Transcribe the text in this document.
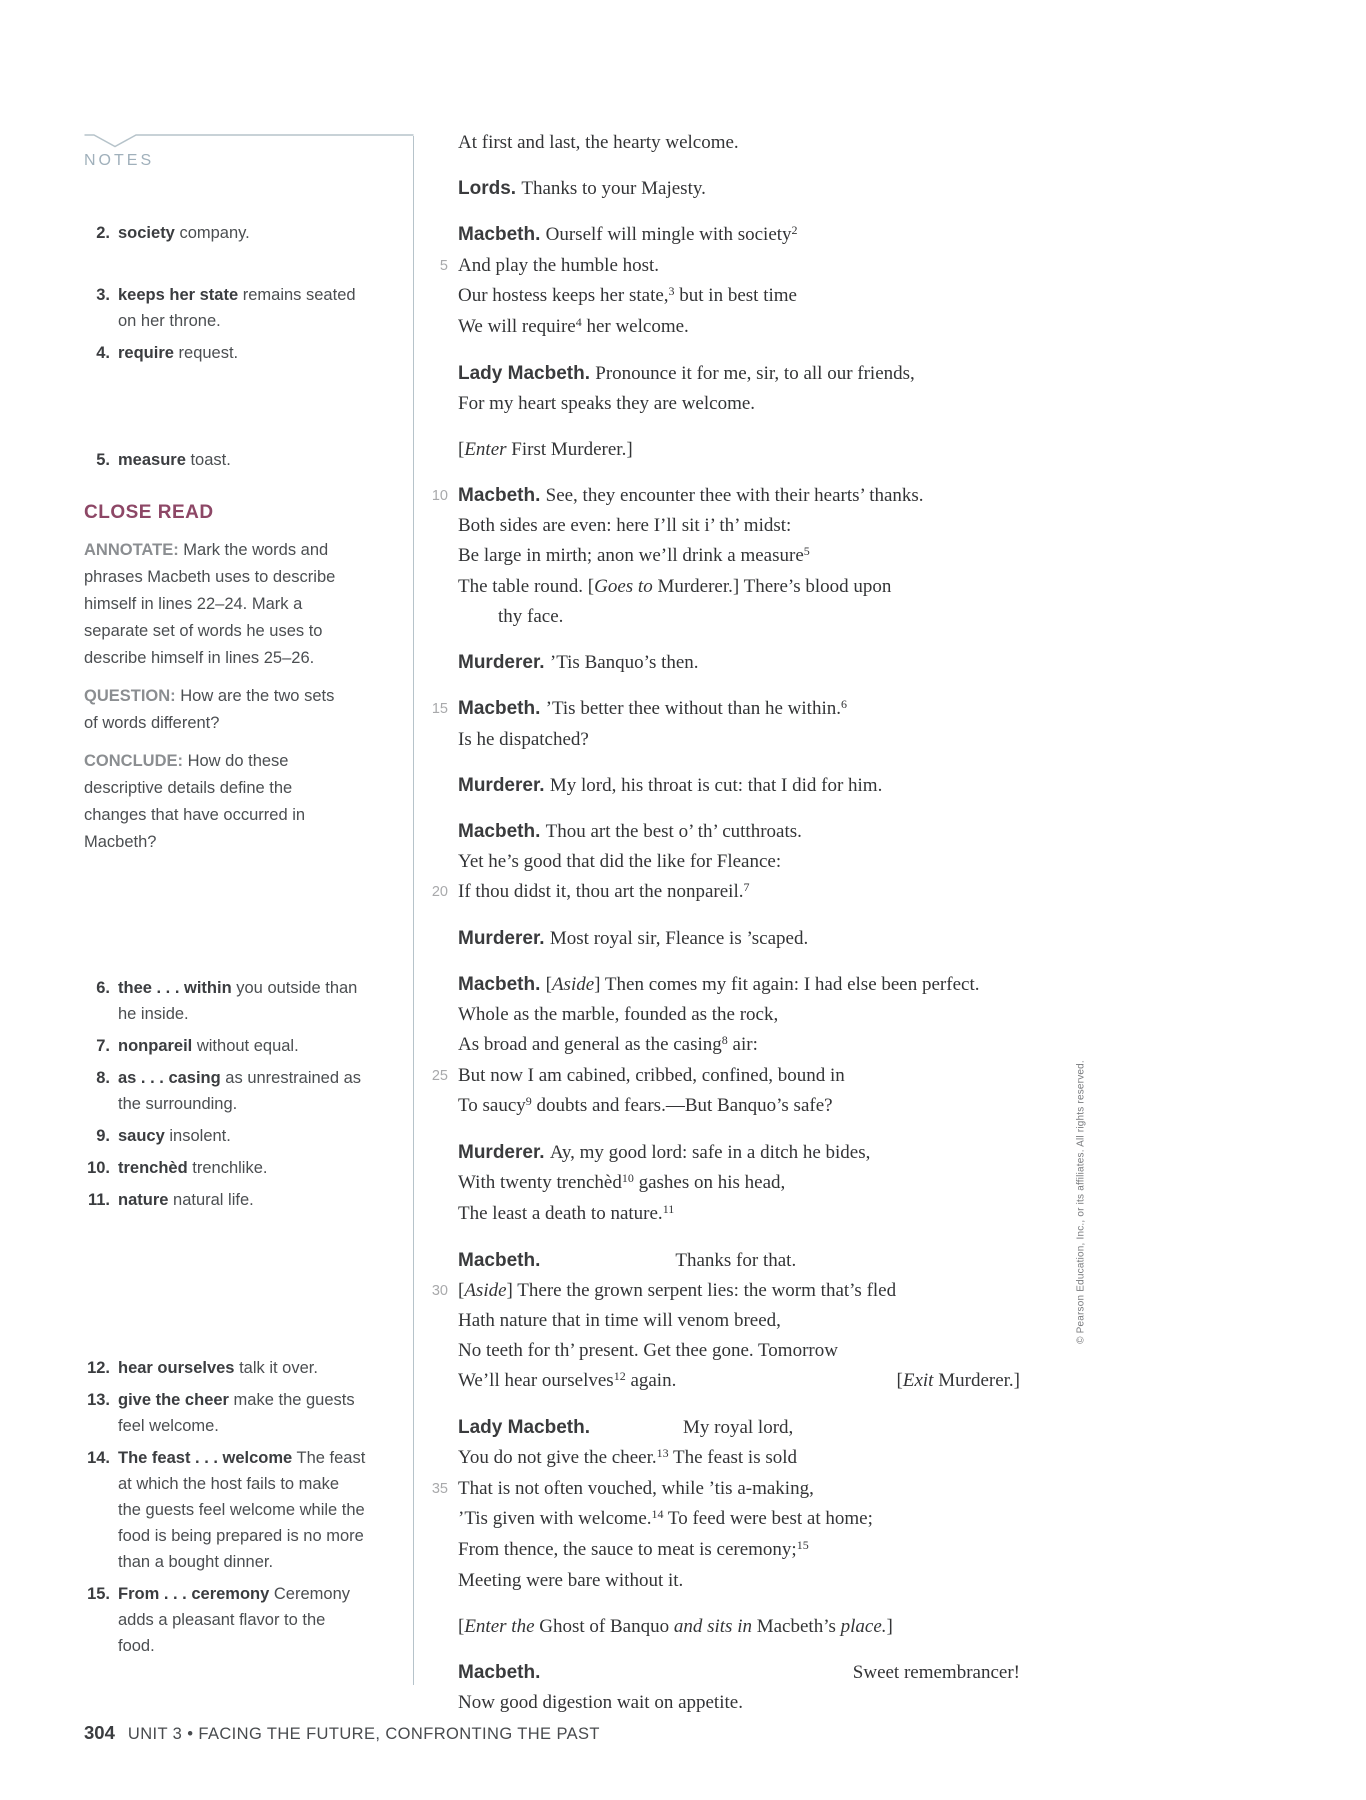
NOTES
2. society company.
3. keeps her state remains seated on her throne.
4. require request.
5. measure toast.
6. thee . . . within you outside than he inside.
7. nonpareil without equal.
8. as . . . casing as unrestrained as the surrounding.
9. saucy insolent.
10. trenchèd trenchlike.
11. nature natural life.
12. hear ourselves talk it over.
13. give the cheer make the guests feel welcome.
14. The feast . . . welcome The feast at which the host fails to make the guests feel welcome while the food is being prepared is no more than a bought dinner.
15. From . . . ceremony Ceremony adds a pleasant flavor to the food.

CLOSE READ

ANNOTATE: Mark the words and phrases Macbeth uses to describe himself in lines 22–24. Mark a separate set of words he uses to describe himself in lines 25–26.

QUESTION: How are the two sets of words different?

CONCLUDE: How do these descriptive details define the changes that have occurred in Macbeth?

At first and last, the hearty welcome.
Lords. Thanks to your Majesty.
Macbeth. Ourself will mingle with society 2
5 And play the humble host.
Our hostess keeps her state, 3 but in best time
We will require 4 her welcome.
Lady Macbeth. Pronounce it for me, sir, to all our friends,
For my heart speaks they are welcome.
[ Enter First Murderer.]
10 Macbeth. See, they encounter thee with their hearts’ thanks.
Both sides are even: here I’ll sit i’ th’ midst:
Be large in mirth; anon we’ll drink a measure 5
The table round. [ Goes to Murderer.] There’s blood upon
thy face.
Murderer. ’Tis Banquo’s then.
15 Macbeth. ’Tis better thee without than he within. 6
Is he dispatched?
Murderer. My lord, his throat is cut: that I did for him.
Macbeth. Thou art the best o’ th’ cutthroats.
Yet he’s good that did the like for Fleance:
20 If thou didst it, thou art the nonpareil. 7
Murderer. Most royal sir, Fleance is ’scaped.
Macbeth. [ Aside ] Then comes my fit again: I had else been perfect.
Whole as the marble, founded as the rock,
As broad and general as the casing 8 air:
25 But now I am cabined, cribbed, confined, bound in
To saucy 9 doubts and fears.—But Banquo’s safe?
Murderer. Ay, my good lord: safe in a ditch he bides,
With twenty trenchèd 10 gashes on his head,
The least a death to nature. 11
Macbeth.	Thanks for that.
30 [ Aside ] There the grown serpent lies: the worm that’s fled
Hath nature that in time will venom breed,
No teeth for th’ present. Get thee gone. Tomorrow
We’ll hear ourselves 12 again.	[ Exit Murderer.]
Lady Macbeth.	My royal lord,
You do not give the cheer. 13 The feast is sold
35 That is not often vouched, while ’tis a-making,
’Tis given with welcome. 14 To feed were best at home;
From thence, the sauce to meat is ceremony; 15
Meeting were bare without it.
[ Enter the Ghost of Banquo and sits in Macbeth’s place. ]
Macbeth.	Sweet remembrancer!
Now good digestion wait on appetite.
© Pearson Education, Inc., or its affiliates. All rights reserved.
304 UNIT 3 • FACING THE FUTURE, CONFRONTING THE PAST
